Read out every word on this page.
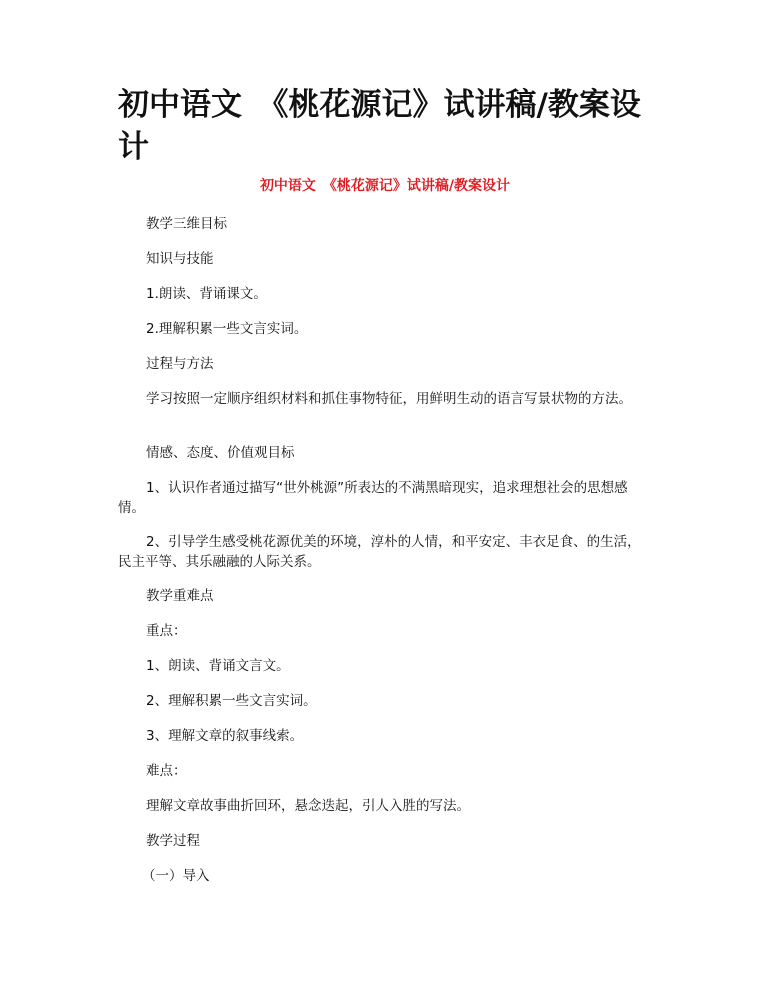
初中语文　《桃花源记》试讲稿/教案设计
初中语文　《桃花源记》试讲稿/教案设计

教学三维目标

知识与技能

1.朗读、背诵课文。

2.理解积累一些文言实词。

过程与方法

学习按照一定顺序组织材料和抓住事物特征，用鲜明生动的语言写景状物的方法。

情感、态度、价值观目标

1、认识作者通过描写“世外桃源”所表达的不满黑暗现实，追求理想社会的思想感情。

2、引导学生感受桃花源优美的环境，淳朴的人情，和平安定、丰衣足食、的生活，民主平等、其乐融融的人际关系。

教学重难点

重点：

1、朗读、背诵文言文。

2、理解积累一些文言实词。

3、理解文章的叙事线索。

难点：

理解文章故事曲折回环，悬念迭起，引人入胜的写法。

教学过程

（一）导入
